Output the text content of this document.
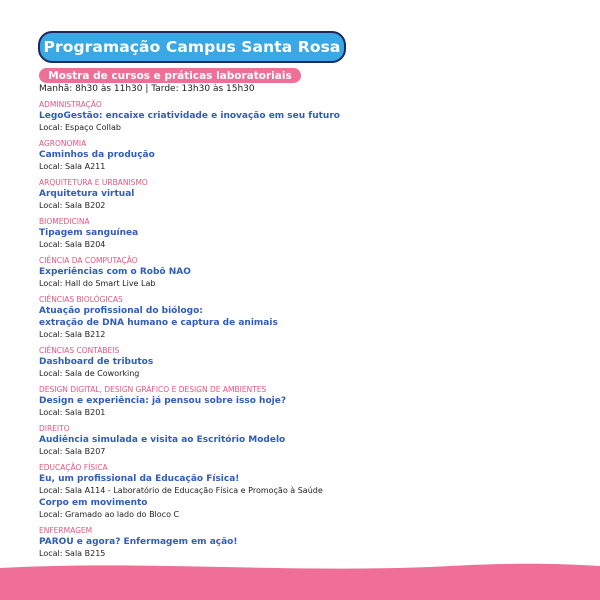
Programação Campus Santa Rosa
Mostra de cursos e práticas laboratoriais
Manhã: 8h30 às 11h30 | Tarde: 13h30 às 15h30
ADMINISTRAÇÃO
LegoGestão: encaixe criatividade e inovação em seu futuro
Local: Espaço Collab
AGRONOMIA
Caminhos da produção
Local: Sala A211
ARQUITETURA E URBANISMO
Arquitetura virtual
Local: Sala B202
BIOMEDICINA
Tipagem sanguínea
Local: Sala B204
CIÊNCIA DA COMPUTAÇÃO
Experiências com o Robô NAO
Local: Hall do Smart Live Lab
CIÊNCIAS BIOLÓGICAS
Atuação profissional do biólogo:
extração de DNA humano e captura de animais
Local: Sala B212
CIÊNCIAS CONTÁBEIS
Dashboard de tributos
Local: Sala de Coworking
DESIGN DIGITAL, DESIGN GRÁFICO E DESIGN DE AMBIENTES
Design e experiência: já pensou sobre isso hoje?
Local: Sala B201
DIREITO
Audiência simulada e visita ao Escritório Modelo
Local: Sala B207
EDUCAÇÃO FÍSICA
Eu, um profissional da Educação Física!
Local: Sala A114 - Laboratório de Educação Física e Promoção à Saúde
Corpo em movimento
Local: Gramado ao lado do Bloco C
ENFERMAGEM
PAROU e agora? Enfermagem em ação!
Local: Sala B215
